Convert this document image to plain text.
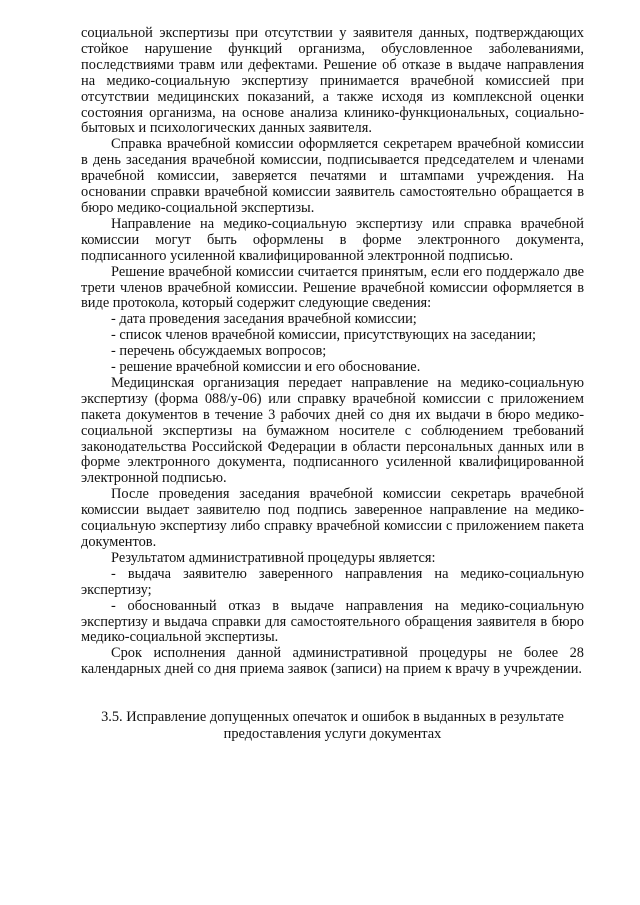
социальной экспертизы при отсутствии у заявителя данных, подтверждающих стойкое нарушение функций организма, обусловленное заболеваниями, последствиями травм или дефектами. Решение об отказе в выдаче направления на медико-социальную экспертизу принимается врачебной комиссией при отсутствии медицинских показаний, а также исходя из комплексной оценки состояния организма, на основе анализа клинико-функциональных, социально-бытовых и психологических данных заявителя.

Справка врачебной комиссии оформляется секретарем врачебной комиссии в день заседания врачебной комиссии, подписывается председателем и членами врачебной комиссии, заверяется печатями и штампами учреждения. На основании справки врачебной комиссии заявитель самостоятельно обращается в бюро медико-социальной экспертизы.

Направление на медико-социальную экспертизу или справка врачебной комиссии могут быть оформлены в форме электронного документа, подписанного усиленной квалифицированной электронной подписью.

Решение врачебной комиссии считается принятым, если его поддержало две трети членов врачебной комиссии. Решение врачебной комиссии оформляется в виде протокола, который содержит следующие сведения:

- дата проведения заседания врачебной комиссии;

- список членов врачебной комиссии, присутствующих на заседании;

- перечень обсуждаемых вопросов;

- решение врачебной комиссии и его обоснование.

Медицинская организация передает направление на медико-социальную экспертизу (форма 088/у-06) или справку врачебной комиссии с приложением пакета документов в течение 3 рабочих дней со дня их выдачи в бюро медико-социальной экспертизы на бумажном носителе с соблюдением требований законодательства Российской Федерации в области персональных данных или в форме электронного документа, подписанного усиленной квалифицированной электронной подписью.

После проведения заседания врачебной комиссии секретарь врачебной комиссии выдает заявителю под подпись заверенное направление на медико-социальную экспертизу либо справку врачебной комиссии с приложением пакета документов.

Результатом административной процедуры является:

- выдача заявителю заверенного направления на медико-социальную экспертизу;

- обоснованный отказ в выдаче направления на медико-социальную экспертизу и выдача справки для самостоятельного обращения заявителя в бюро медико-социальной экспертизы.

Срок исполнения данной административной процедуры не более 28 календарных дней со дня приема заявок (записи) на прием к врачу в учреждении.

3.5. Исправление допущенных опечаток и ошибок в выданных в результате
предоставления услуги документах
